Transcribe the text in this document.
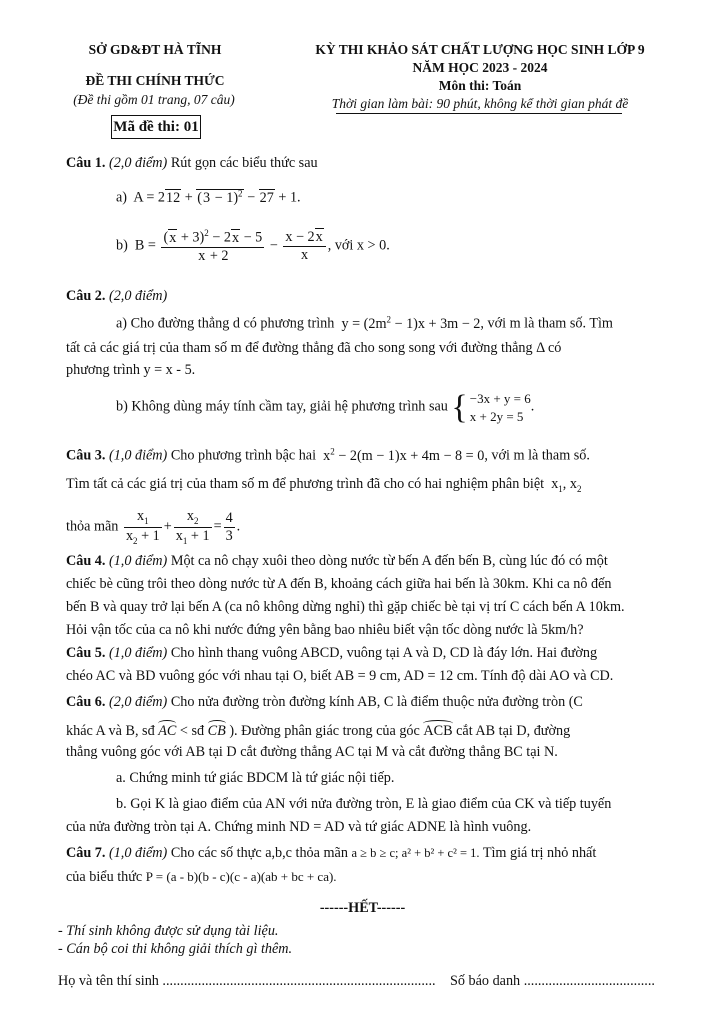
SỞ GD&ĐT HÀ TĨNH
ĐỀ THI CHÍNH THỨC
(Đề thi gồm 01 trang, 07 câu)
Mã đề thi: 01
KỲ THI KHẢO SÁT CHẤT LƯỢNG HỌC SINH LỚP 9
NĂM HỌC 2023 - 2024
Môn thi: Toán
Thời gian làm bài: 90 phút, không kể thời gian phát đề
Câu 1. (2,0 điểm) Rút gọn các biểu thức sau
a)  $A = 212 + (3 - 1)^2 - 27 + 1$.
b)  $B = \frac{(x + 3)^2 - 2x - 5}{x + 2} - \frac{x - 2x}{x}$ , với x > 0.
Câu 2. (2,0 điểm)
a) Cho đường thẳng d có phương trình  $y = (2m^2 - 1)x + 3m - 2$, với m là tham số. Tìm
tất cả các giá trị của tham số m để đường thẳng đã cho song song với đường thẳng Δ có
phương trình y = x - 5.
b) Không dùng máy tính cầm tay, giải hệ phương trình sau { −3x + y = 6
x + 2y = 5.
Câu 3. (1,0 điểm) Cho phương trình bậc hai  $x^2 - 2(m - 1)x + 4m - 8 = 0$, với m là tham số.
Tìm tất cả các giá trị của tham số m để phương trình đã cho có hai nghiệm phân biệt  $x_1$, $x_2$
thỏa mãn $\frac{x_1}{x_2 + 1} + \frac{x_2}{x_1 + 1} = \frac{4}{3}$ .
Câu 4. (1,0 điểm) Một ca nô chạy xuôi theo dòng nước từ bến A đến bến B, cùng lúc đó có một
chiếc bè cũng trôi theo dòng nước từ A đến B, khoảng cách giữa hai bến là 30km. Khi ca nô đến
bến B và quay trở lại bến A (ca nô không dừng nghỉ) thì gặp chiếc bè tại vị trí C cách bến A 10km.
Hỏi vận tốc của ca nô khi nước đứng yên bằng bao nhiêu biết vận tốc dòng nước là 5km/h?
Câu 5. (1,0 điểm) Cho hình thang vuông ABCD, vuông tại A và D, CD là đáy lớn. Hai đường
chéo AC và BD vuông góc với nhau tại O, biết AB = 9 cm, AD = 12 cm. Tính độ dài AO và CD.
Câu 6. (2,0 điểm) Cho nửa đường tròn đường kính AB, C là điểm thuộc nửa đường tròn (C
khác A và B, sđ AC < sđ CB ). Đường phân giác trong của góc ACB cắt AB tại D, đường
thẳng vuông góc với AB tại D cắt đường thẳng AC tại M và cắt đường thẳng BC tại N.
a. Chứng minh tứ giác BDCM là tứ giác nội tiếp.
b. Gọi K là giao điểm của AN với nửa đường tròn, E là giao điểm của CK và tiếp tuyến
của nửa đường tròn tại A. Chứng minh ND = AD và tứ giác ADNE là hình vuông.
Câu 7. (1,0 điểm) Cho các số thực a,b,c thỏa mãn a ≥ b ≥ c; a² + b² + c² = 1. Tìm giá trị nhỏ nhất
của biểu thức P = (a - b)(b - c)(c - a)(ab + bc + ca).
------HẾT------
- Thí sinh không được sử dụng tài liệu.
- Cán bộ coi thi không giải thích gì thêm.
Họ và tên thí sinh ............................................................................. Số báo danh .....................................
